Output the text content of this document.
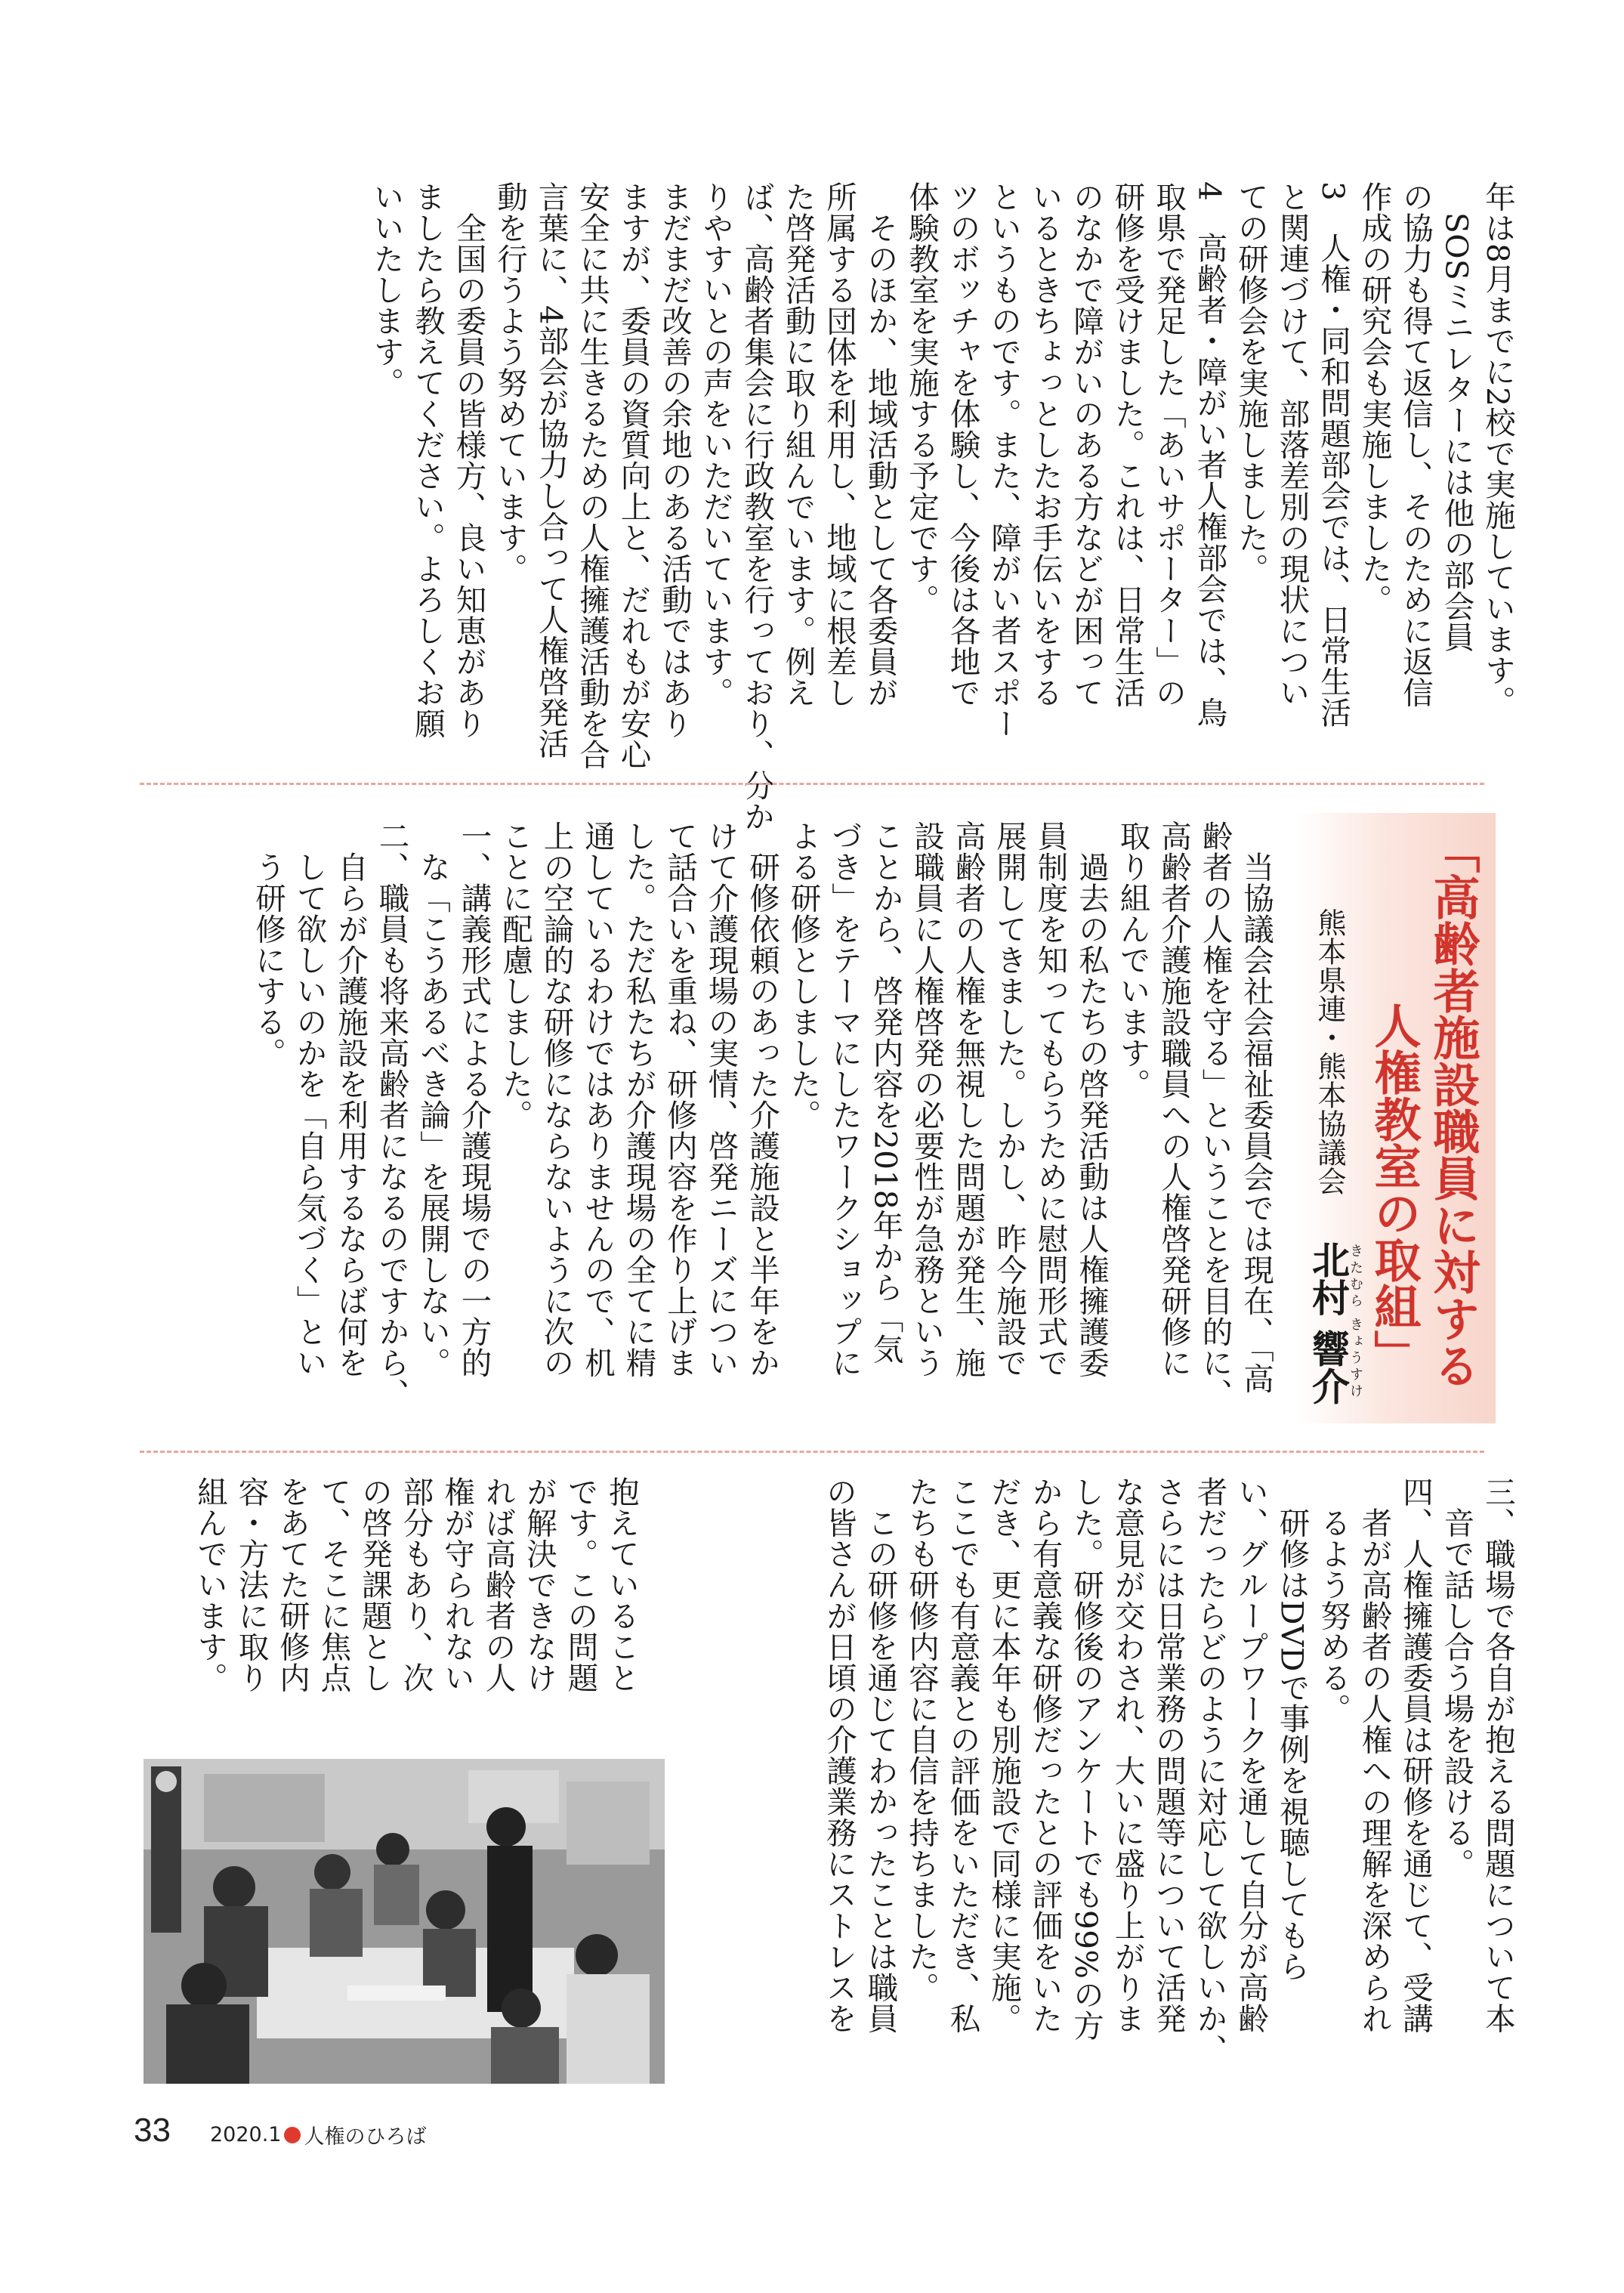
年は8月までに2校で実施しています。
　SOSミニレターには他の部会員
の協力も得て返信し、そのために返信
作成の研究会も実施しました。
3　人権・同和問題部会では、日常生活
と関連づけて、部落差別の現状につい
ての研修会を実施しました。
4　高齢者・障がい者人権部会では、鳥
取県で発足した「あいサポーター」の
研修を受けました。これは、日常生活
のなかで障がいのある方などが困って
いるときちょっとしたお手伝いをする
というものです。また、障がい者スポー
ツのボッチャを体験し、今後は各地で
体験教室を実施する予定です。
　そのほか、地域活動として各委員が
所属する団体を利用し、地域に根差し
た啓発活動に取り組んでいます。例え
ば、高齢者集会に行政教室を行っており、分か
りやすいとの声をいただいています。
まだまだ改善の余地のある活動ではあり
ますが、委員の資質向上と、だれもが安心
安全に共に生きるための人権擁護活動を合
言葉に、4部会が協力し合って人権啓発活
動を行うよう努めています。
　全国の委員の皆様方、良い知恵があり
ましたら教えてください。よろしくお願
いいたします。
「高齢者施設職員に対する
人権教室の取組」
熊本県連・熊本協議会
きたむら きょうすけ
北村 響介
　当協議会社会福祉委員会では現在、「高
齢者の人権を守る」ということを目的に、
高齢者介護施設職員への人権啓発研修に
取り組んでいます。
　過去の私たちの啓発活動は人権擁護委
員制度を知ってもらうために慰問形式で
展開してきました。しかし、昨今施設で
高齢者の人権を無視した問題が発生、施
設職員に人権啓発の必要性が急務という
ことから、啓発内容を2018年から「気
づき」をテーマにしたワークショップに
よる研修としました。
　研修依頼のあった介護施設と半年をか
けて介護現場の実情、啓発ニーズについ
て話合いを重ね、研修内容を作り上げま
した。ただ私たちが介護現場の全てに精
通しているわけではありませんので、机
上の空論的な研修にならないように次の
ことに配慮しました。
一、講義形式による介護現場での一方的
　な「こうあるべき論」を展開しない。
二、職員も将来高齢者になるのですから、
　自らが介護施設を利用するならば何を
　して欲しいのかを「自ら気づく」とい
　う研修にする。
三、職場で各自が抱える問題について本
　音で話し合う場を設ける。
四、人権擁護委員は研修を通じて、受講
　者が高齢者の人権への理解を深められ
　るよう努める。
　研修はDVDで事例を視聴してもら
い、グループワークを通して自分が高齢
者だったらどのように対応して欲しいか、
さらには日常業務の問題等について活発
な意見が交わされ、大いに盛り上がりま
した。研修後のアンケートでも99%の方
から有意義な研修だったとの評価をいた
だき、更に本年も別施設で同様に実施。
ここでも有意義との評価をいただき、私
たちも研修内容に自信を持ちました。
　この研修を通じてわかったことは職員
の皆さんが日頃の介護業務にストレスを
抱えていること
です。この問題
が解決できなけ
れば高齢者の人
権が守られない
部分もあり、次
の啓発課題とし
て、そこに焦点
をあてた研修内
容・方法に取り
組んでいます。
33 2020.1 人権のひろば
